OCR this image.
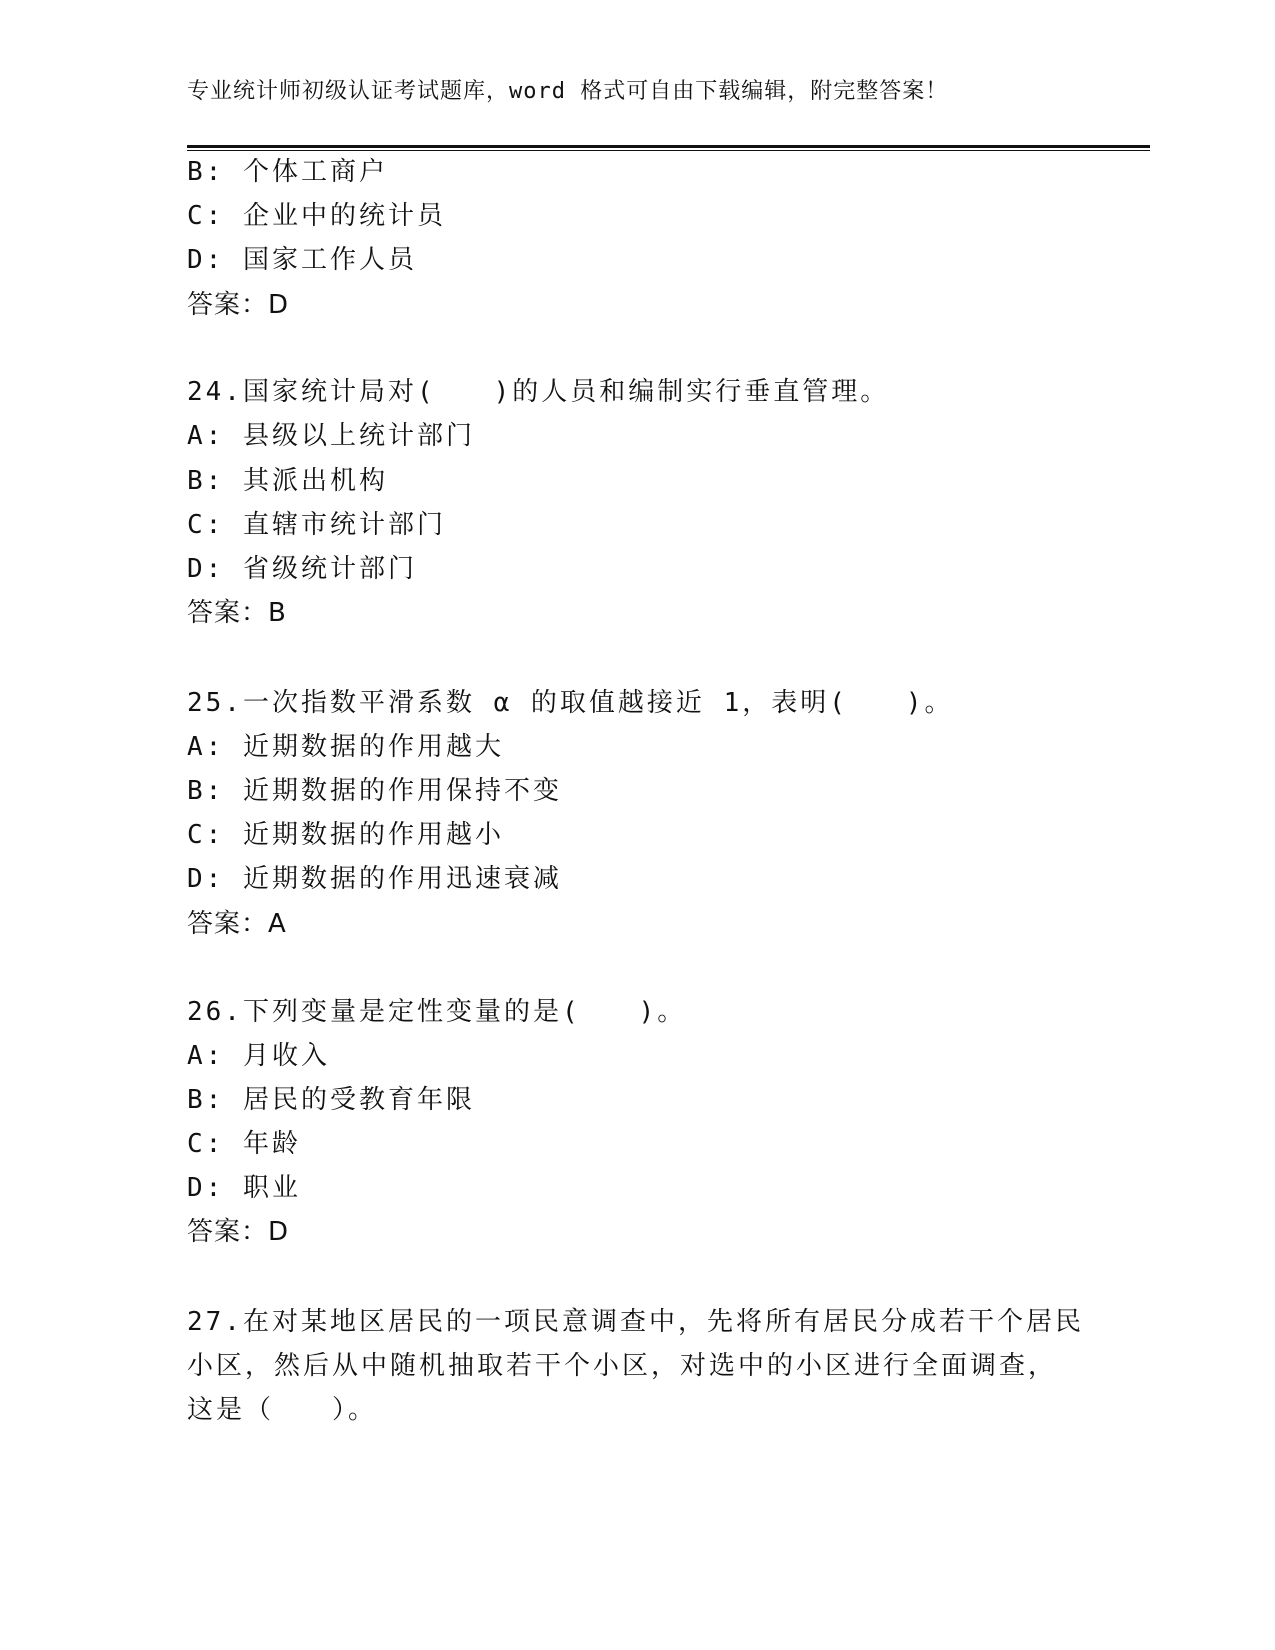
专业统计师初级认证考试题库，word 格式可自由下载编辑，附完整答案！
B: 个体工商户
C: 企业中的统计员
D: 国家工作人员
答案：D
24.国家统计局对(　　)的人员和编制实行垂直管理。
A: 县级以上统计部门
B: 其派出机构
C: 直辖市统计部门
D: 省级统计部门
答案：B
25.一次指数平滑系数 α 的取值越接近 1，表明(　　)。
A: 近期数据的作用越大
B: 近期数据的作用保持不变
C: 近期数据的作用越小
D: 近期数据的作用迅速衰减
答案：A
26.下列变量是定性变量的是(　　)。
A: 月收入
B: 居民的受教育年限
C: 年龄
D: 职业
答案：D
27.在对某地区居民的一项民意调查中，先将所有居民分成若干个居民
小区，然后从中随机抽取若干个小区，对选中的小区进行全面调查，
这是（　　）。
